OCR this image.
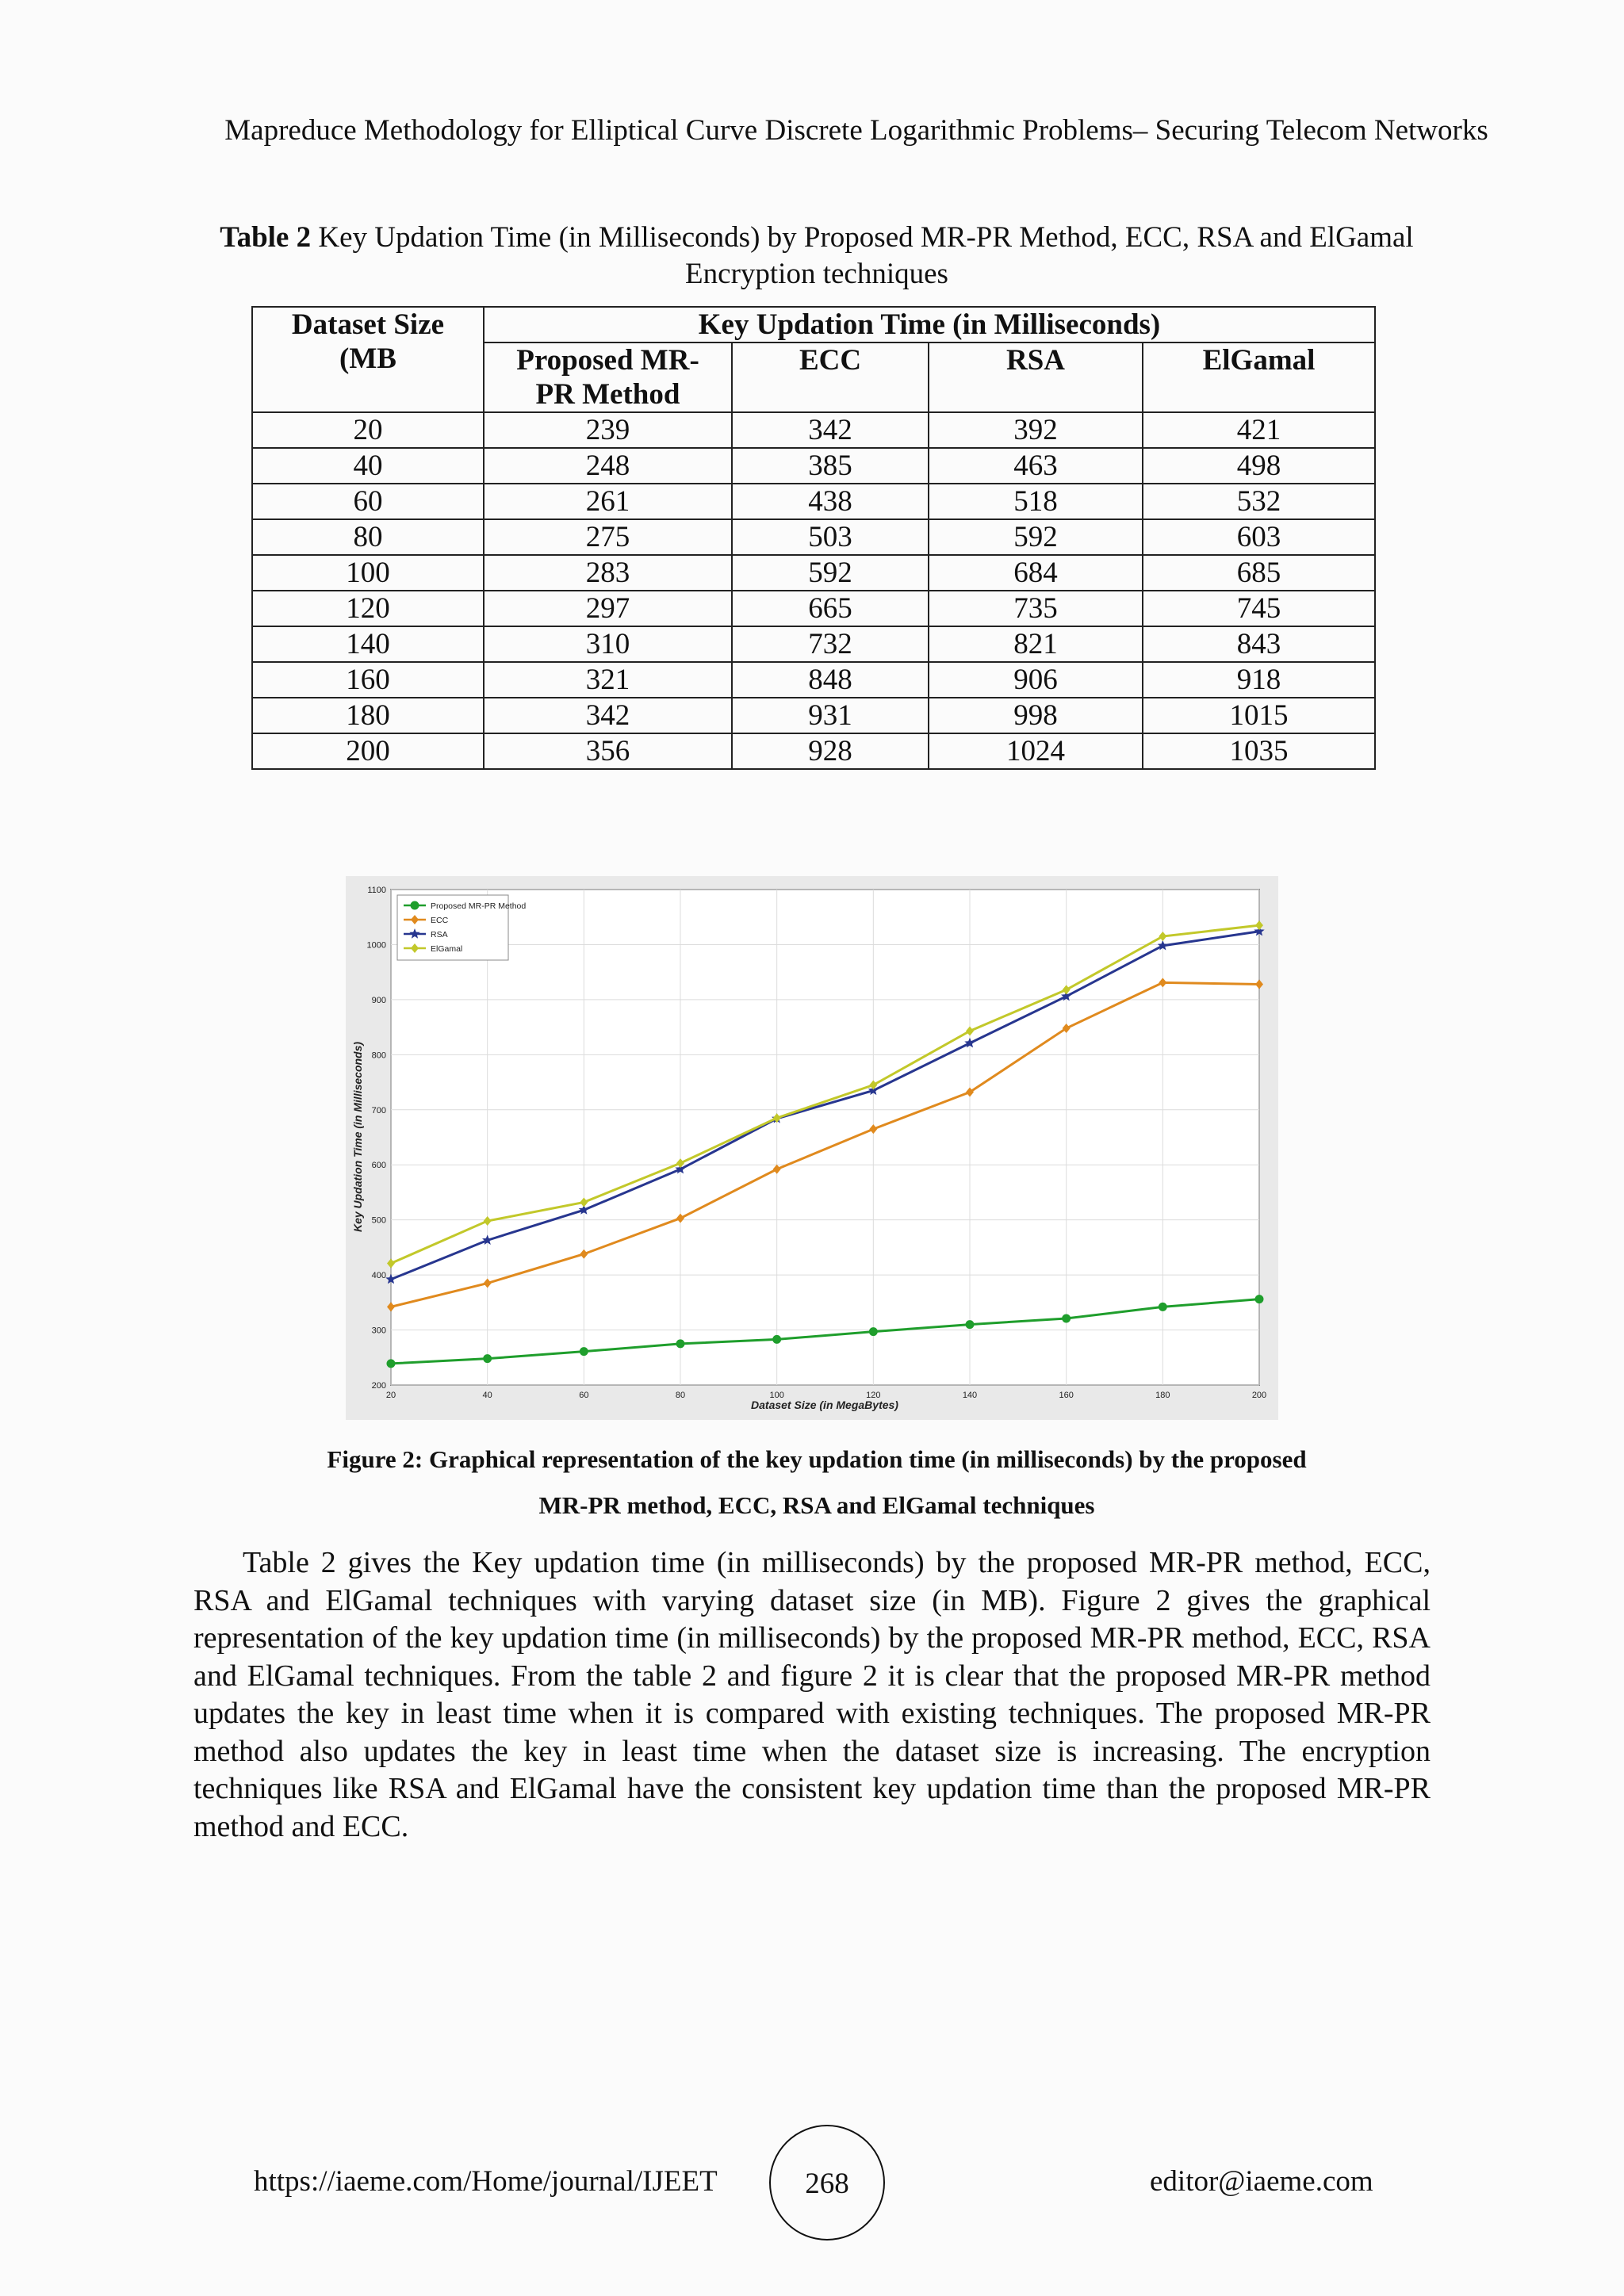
Mapreduce Methodology for Elliptical Curve Discrete Logarithmic Problems– Securing Telecom Networks
Table 2 Key Updation Time (in Milliseconds) by Proposed MR-PR Method, ECC, RSA and ElGamal Encryption techniques
Dataset Size (MB	Key Updation Time (in Milliseconds)			
	Proposed MR-PR Method	ECC	RSA	ElGamal
20	239	342	392	421
40	248	385	463	498
60	261	438	518	532
80	275	503	592	603
100	283	592	684	685
120	297	665	735	745
140	310	732	821	843
160	321	848	906	918
180	342	931	998	1015
200	356	928	1024	1035
200
300
400
500
600
700
800
900
1000
1100
20	40	60	80	100	120	140	160	180	200
Dataset Size (in MegaBytes)
Key Updation Time (in Milliseconds)
Proposed MR-PR Method
ECC
RSA
ElGamal
Figure 2: Graphical representation of the key updation time (in milliseconds) by the proposed
MR-PR method, ECC, RSA and ElGamal techniques
Table 2 gives the Key updation time (in milliseconds) by the proposed MR-PR method, ECC, RSA and ElGamal techniques with varying dataset size (in MB). Figure 2 gives the graphical representation of the key updation time (in milliseconds) by the proposed MR-PR method, ECC, RSA and ElGamal techniques. From the table 2 and figure 2 it is clear that the proposed MR-PR method updates the key in least time when it is compared with existing techniques. The proposed MR-PR method also updates the key in least time when the dataset size is increasing. The encryption techniques like RSA and ElGamal have the consistent key updation time than the proposed MR-PR method and ECC.
https://iaeme.com/Home/journal/IJEET	268	editor@iaeme.com
